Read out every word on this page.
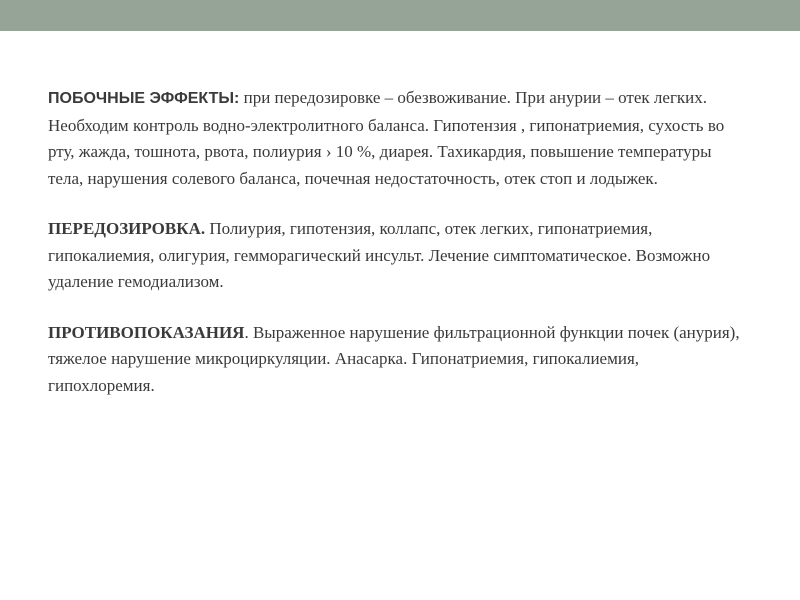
ПОБОЧНЫЕ ЭФФЕКТЫ: при передозировке – обезвоживание. При анурии – отек легких. Необходим контроль водно-электролитного баланса. Гипотензия , гипонатриемия, сухость во рту, жажда, тошнота, рвота, полиурия › 10 %, диарея. Тахикардия, повышение температуры тела, нарушения солевого баланса, почечная недостаточность, отек стоп и лодыжек.

ПЕРЕДОЗИРОВКА. Полиурия, гипотензия, коллапс, отек легких, гипонатриемия, гипокалиемия, олигурия, гемморагический инсульт. Лечение симптоматическое. Возможно удаление гемодиализом.

ПРОТИВОПОКАЗАНИЯ. Выраженное нарушение фильтрационной функции почек (анурия), тяжелое нарушение микроциркуляции. Анасарка. Гипонатриемия, гипокалиемия, гипохлоремия.
